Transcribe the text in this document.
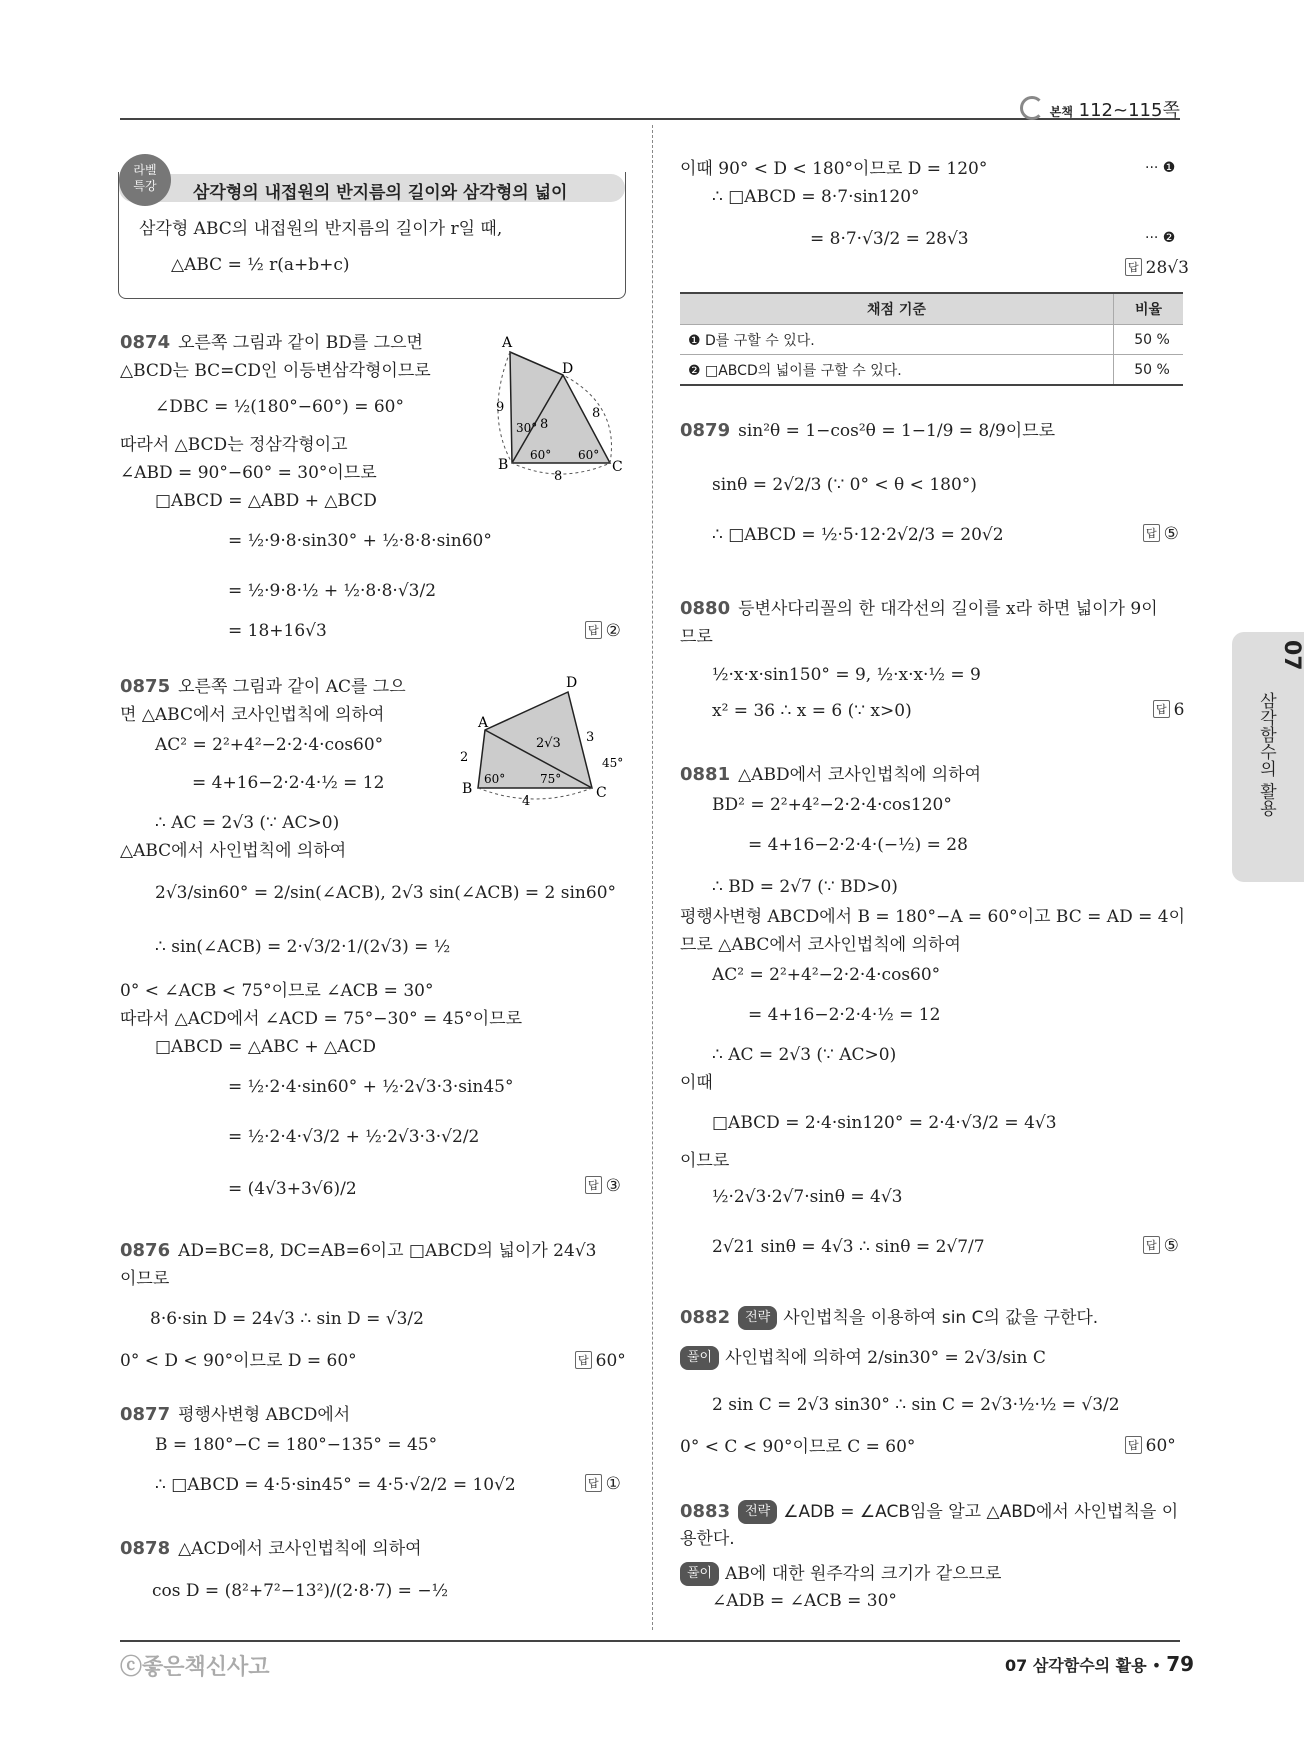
본책 112~115쪽
라벨
특강	삼각형의 내접원의 반지름의 길이와 삼각형의 넓이
삼각형 ABC의 내접원의 반지름의 길이가 r일 때,
△ABC = ½ r(a+b+c)
0874 오른쪽 그림과 같이 BD를 그으면
△BCD는 BC=CD인 이등변삼각형이므로
∠DBC = ½(180°−60°) = 60°
따라서 △BCD는 정삼각형이고
∠ABD = 90°−60° = 30°이므로
□ABCD = △ABD + △BCD
= ½·9·8·sin30° + ½·8·8·sin60°
= ½·9·8·½ + ½·8·8·√3/2
= 18+16√3	답 ②
A
B	C
D
9
8
8
8
30°
60° 60°
0875 오른쪽 그림과 같이 AC를 그으
면 △ABC에서 코사인법칙에 의하여
AC² = 2²+4²−2·2·4·cos60°
= 4+16−2·2·4·½ = 12
∴ AC = 2√3 (∵ AC>0)
△ABC에서 사인법칙에 의하여
2√3/sin60° = 2/sin(∠ACB), 2√3 sin(∠ACB) = 2 sin60°
∴ sin(∠ACB) = 2·√3/2·1/(2√3) = ½
0° < ∠ACB < 75°이므로 ∠ACB = 30°
따라서 △ACD에서 ∠ACD = 75°−30° = 45°이므로
□ABCD = △ABC + △ACD
= ½·2·4·sin60° + ½·2√3·3·sin45°
= ½·2·4·√3/2 + ½·2√3·3·√2/2
= (4√3+3√6)/2	답 ③
D
A
B	C
2
2√3 3
4
60°	75°
45°
0876 AD=BC=8, DC=AB=6이고 □ABCD의 넓이가 24√3
이므로
8·6·sin D = 24√3 ∴ sin D = √3/2
0° < D < 90°이므로 D = 60°	답 60°
0877 평행사변형 ABCD에서
B = 180°−C = 180°−135° = 45°
∴ □ABCD = 4·5·sin45° = 4·5·√2/2 = 10√2	답 ①
0878 △ACD에서 코사인법칙에 의하여
cos D = (8²+7²−13²)/(2·8·7) = −½
이때 90° < D < 180°이므로 D = 120°	··· ❶
∴ □ABCD = 8·7·sin120°
= 8·7·√3/2 = 28√3	··· ❷
답 28√3
채점 기준	비율
❶ D를 구할 수 있다.	50 %
❷ □ABCD의 넓이를 구할 수 있다.	50 %
0879 sin²θ = 1−cos²θ = 1−1/9 = 8/9이므로
sinθ = 2√2/3 (∵ 0° < θ < 180°)
∴ □ABCD = ½·5·12·2√2/3 = 20√2	답 ⑤
0880 등변사다리꼴의 한 대각선의 길이를 x라 하면 넓이가 9이
므로
½·x·x·sin150° = 9, ½·x·x·½ = 9
x² = 36 ∴ x = 6 (∵ x>0)	답 6
0881 △ABD에서 코사인법칙에 의하여
BD² = 2²+4²−2·2·4·cos120°
= 4+16−2·2·4·(−½) = 28
∴ BD = 2√7 (∵ BD>0)
평행사변형 ABCD에서 B = 180°−A = 60°이고 BC = AD = 4이
므로 △ABC에서 코사인법칙에 의하여
AC² = 2²+4²−2·2·4·cos60°
= 4+16−2·2·4·½ = 12
∴ AC = 2√3 (∵ AC>0)
이때
□ABCD = 2·4·sin120° = 2·4·√3/2 = 4√3
이므로
½·2√3·2√7·sinθ = 4√3
2√21 sinθ = 4√3 ∴ sinθ = 2√7/7	답 ⑤
0882 전략 사인법칙을 이용하여 sin C의 값을 구한다.
풀이 사인법칙에 의하여 2/sin30° = 2√3/sin C
2 sin C = 2√3 sin30° ∴ sin C = 2√3·½·½ = √3/2
0° < C < 90°이므로 C = 60°	답 60°
0883 전략 ∠ADB = ∠ACB임을 알고 △ABD에서 사인법칙을 이
용한다.
풀이 AB에 대한 원주각의 크기가 같으므로
∠ADB = ∠ACB = 30°
07
삼각함수의 활용
ⓒ좋은책신사고	07 삼각함수의 활용 • 79
